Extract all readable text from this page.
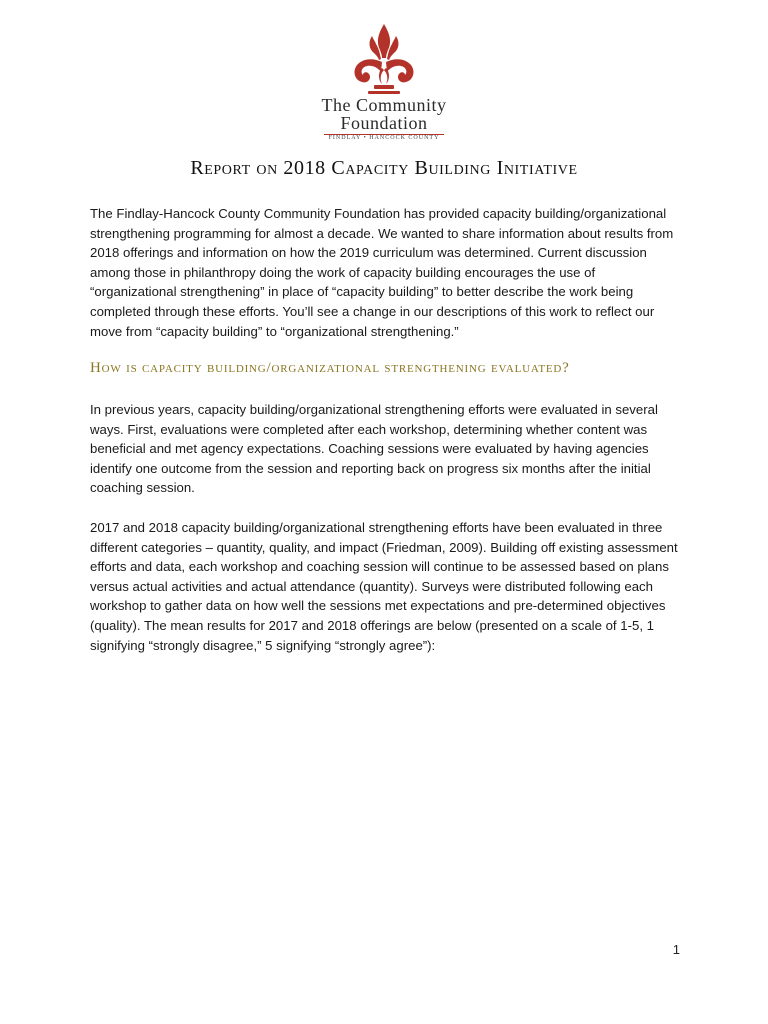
The Community
Foundation
FINDLAY • HANCOCK COUNTY
Report on 2018 Capacity Building Initiative

The Findlay-Hancock County Community Foundation has provided capacity building/organizational strengthening programming for almost a decade. We wanted to share information about results from 2018 offerings and information on how the 2019 curriculum was determined. Current discussion among those in philanthropy doing the work of capacity building encourages the use of “organizational strengthening” in place of “capacity building” to better describe the work being completed through these efforts. You’ll see a change in our descriptions of this work to reflect our move from “capacity building” to “organizational strengthening.”

How is capacity building/organizational strengthening evaluated?

In previous years, capacity building/organizational strengthening efforts were evaluated in several ways. First, evaluations were completed after each workshop, determining whether content was beneficial and met agency expectations. Coaching sessions were evaluated by having agencies identify one outcome from the session and reporting back on progress six months after the initial coaching session.

2017 and 2018 capacity building/organizational strengthening efforts have been evaluated in three different categories – quantity, quality, and impact (Friedman, 2009). Building off existing assessment efforts and data, each workshop and coaching session will continue to be assessed based on plans versus actual activities and actual attendance (quantity). Surveys were distributed following each workshop to gather data on how well the sessions met expectations and pre-determined objectives (quality). The mean results for 2017 and 2018 offerings are below (presented on a scale of 1-5, 1 signifying “strongly disagree,” 5 signifying “strongly agree”):

1
